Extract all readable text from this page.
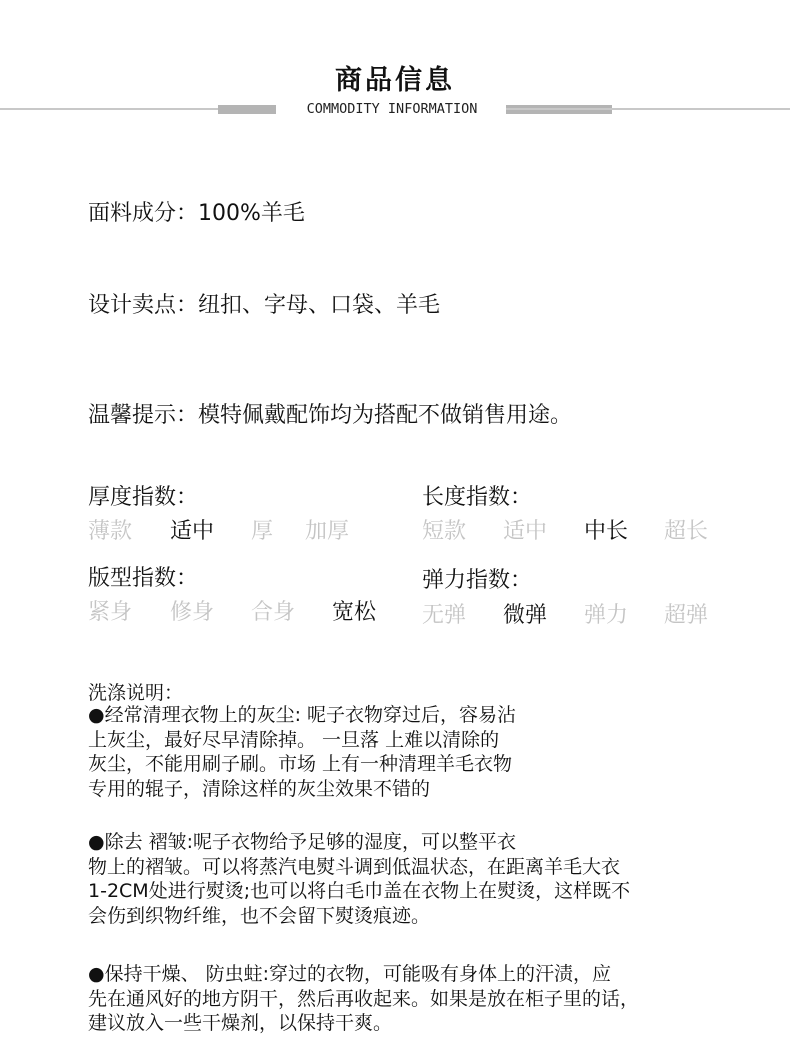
商品信息
COMMODITY INFORMATION
面料成分：100%羊毛
设计卖点：纽扣、字母、口袋、羊毛
温馨提示：模特佩戴配饰均为搭配不做销售用途。
厚度指数：
薄款 适中 厚 加厚
长度指数：
短款 适中 中长 超长
版型指数：
紧身 修身 合身 宽松
弹力指数：
无弹 微弹 弹力 超弹
洗涤说明：
●经常清理衣物上的灰尘: 呢子衣物穿过后，容易沾
上灰尘，最好尽早清除掉。 一旦落 上难以清除的
灰尘，不能用刷子刷。市场 上有一种清理羊毛衣物
专用的辊子，清除这样的灰尘效果不错的
●除去 褶皱:呢子衣物给予足够的湿度，可以整平衣
物上的褶皱。可以将蒸汽电熨斗调到低温状态，在距离羊毛大衣
1-2CM处进行熨烫;也可以将白毛巾盖在衣物上在熨烫，这样既不
会伤到织物纤维，也不会留下熨烫痕迹。
●保持干燥、 防虫蛀:穿过的衣物，可能吸有身体上的汗渍，应
先在通风好的地方阴干，然后再收起来。如果是放在柜子里的话，
建议放入一些干燥剂，以保持干爽。
